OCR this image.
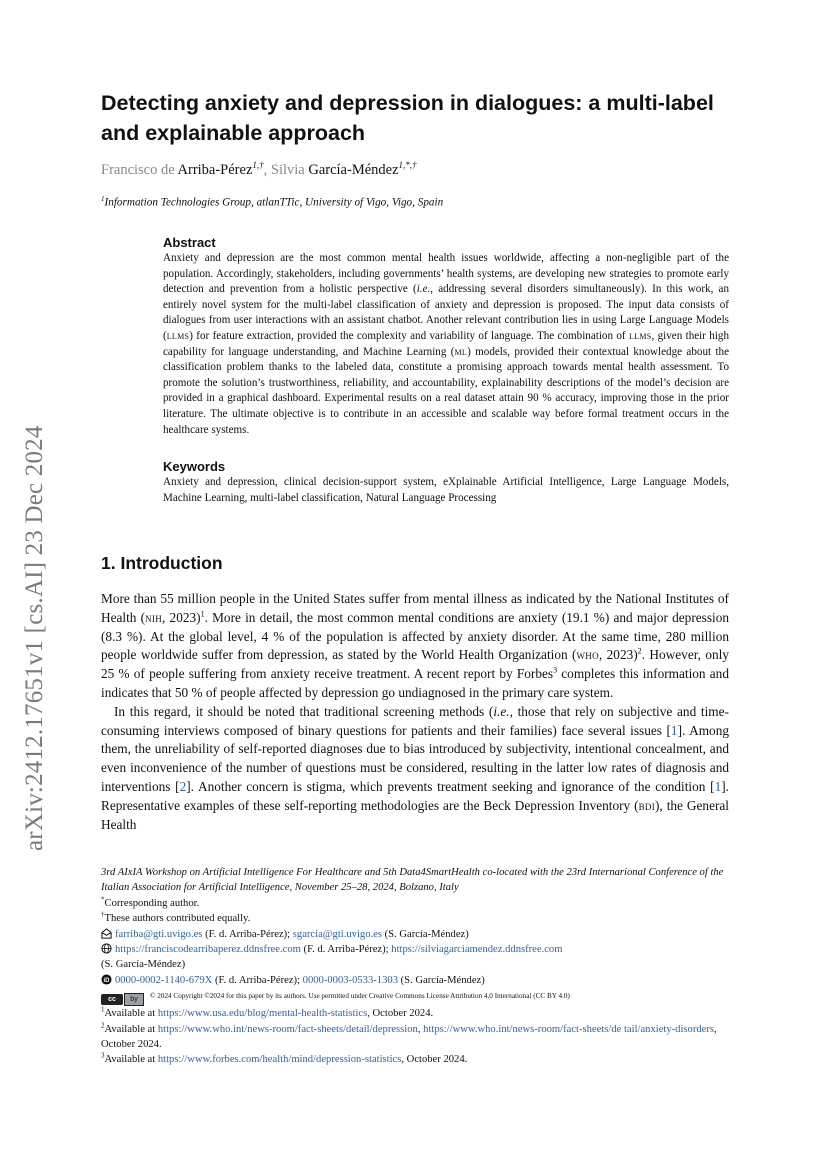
arXiv:2412.17651v1 [cs.AI] 23 Dec 2024
Detecting anxiety and depression in dialogues: a multi-label and explainable approach
Francisco de Arriba-Pérez$^{1,\dagger}$, Silvia García-Méndez$^{1,*,\dagger}$
$^1$Information Technologies Group, atlanTTic, University of Vigo, Vigo, Spain
Abstract

Anxiety and depression are the most common mental health issues worldwide, affecting a non-negligible part of the population. Accordingly, stakeholders, including governments’ health systems, are developing new strategies to promote early detection and prevention from a holistic perspective (i.e., addressing several disorders simultaneously). In this work, an entirely novel system for the multi-label classification of anxiety and depression is proposed. The input data consists of dialogues from user interactions with an assistant chatbot. Another relevant contribution lies in using Large Language Models (llms) for feature extraction, provided the complexity and variability of language. The combination of llms, given their high capability for language understanding, and Machine Learning (ml) models, provided their contextual knowledge about the classification problem thanks to the labeled data, constitute a promising approach towards mental health assessment. To promote the solution’s trustworthiness, reliability, and accountability, explainability descriptions of the model’s decision are provided in a graphical dashboard. Experimental results on a real dataset attain 90 % accuracy, improving those in the prior literature. The ultimate objective is to contribute in an accessible and scalable way before formal treatment occurs in the healthcare systems.

Keywords

Anxiety and depression, clinical decision-support system, eXplainable Artificial Intelligence, Large Language Models, Machine Learning, multi-label classification, Natural Language Processing

1. Introduction

More than 55 million people in the United States suffer from mental illness as indicated by the National Institutes of Health (nih, 2023)$^1$. More in detail, the most common mental conditions are anxiety (19.1 %) and major depression (8.3 %). At the global level, 4 % of the population is affected by anxiety disorder. At the same time, 280 million people worldwide suffer from depression, as stated by the World Health Organization (who, 2023)$^2$. However, only 25 % of people suffering from anxiety receive treatment. A recent report by Forbes$^3$ completes this information and indicates that 50 % of people affected by depression go undiagnosed in the primary care system.

In this regard, it should be noted that traditional screening methods (i.e., those that rely on subjective and time-consuming interviews composed of binary questions for patients and their families) face several issues [1]. Among them, the unreliability of self-reported diagnoses due to bias introduced by subjectivity, intentional concealment, and even inconvenience of the number of questions must be considered, resulting in the latter low rates of diagnosis and interventions [2]. Another concern is stigma, which prevents treatment seeking and ignorance of the condition [1]. Representative examples of these self-reporting methodologies are the Beck Depression Inventory (bdi), the General Health

3rd AIxIA Workshop on Artificial Intelligence For Healthcare and 5th Data4SmartHealth co-located with the 23rd Internarional Conference of the Italian Association for Artificial Intelligence, November 25–28, 2024, Bolzano, Italy

*Corresponding author.

†These authors contributed equally.

farriba@gti.uvigo.es (F. d. Arriba-Pérez); sgarcia@gti.uvigo.es (S. García-Méndez)

https://franciscodearribaperez.ddnsfree.com (F. d. Arriba-Pérez); https://silviagarciamendez.ddnsfree.com
(S. García-Méndez)

iD 0000-0002-1140-679X (F. d. Arriba-Pérez); 0000-0003-0533-1303 (S. García-Méndez)

cc	by	© 2024 Copyright ©2024 for this paper by its authors. Use permitted under Creative Commons License Attribution 4.0 International (CC BY 4.0)

$^1$Available at https://www.usa.edu/blog/mental-health-statistics, October 2024.

$^2$Available at https://www.who.int/news-room/fact-sheets/detail/depression, https://www.who.int/news-room/fact-sheets/de tail/anxiety-disorders, October 2024.

$^3$Available at https://www.forbes.com/health/mind/depression-statistics, October 2024.
